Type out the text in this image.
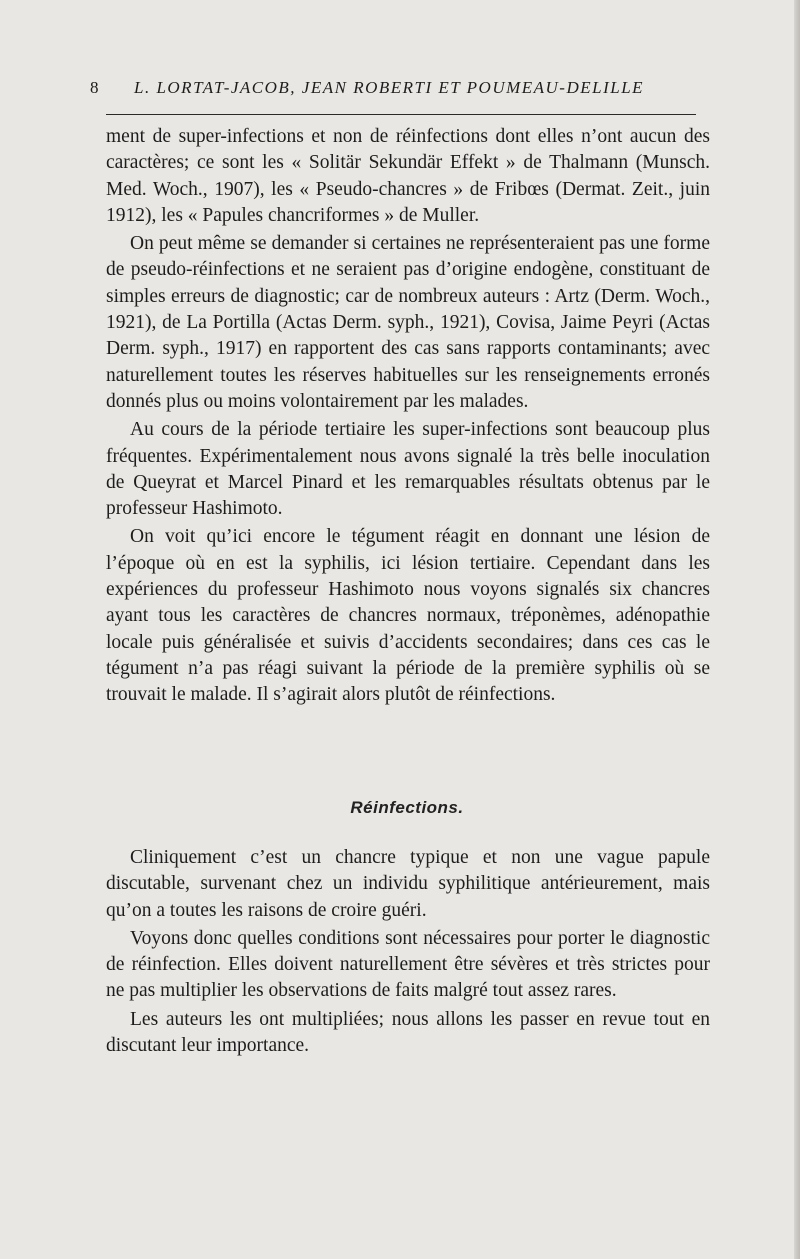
8 L. LORTAT-JACOB, JEAN ROBERTI ET POUMEAU-DELILLE

ment de super-infections et non de réinfections dont elles n’ont aucun des caractères; ce sont les « Solitär Sekundär Effekt » de Thalmann (Munsch. Med. Woch., 1907), les « Pseudo-chancres » de Fribœs (Dermat. Zeit., juin 1912), les « Papules chancriformes » de Muller.

On peut même se demander si certaines ne représenteraient pas une forme de pseudo-réinfections et ne seraient pas d’origine endogène, constituant de simples erreurs de diagnostic; car de nombreux auteurs : Artz (Derm. Woch., 1921), de La Portilla (Actas Derm. syph., 1921), Covisa, Jaime Peyri (Actas Derm. syph., 1917) en rapportent des cas sans rapports contaminants; avec naturellement toutes les réserves habituelles sur les renseignements erronés donnés plus ou moins volontairement par les malades.

Au cours de la période tertiaire les super-infections sont beaucoup plus fréquentes. Expérimentalement nous avons signalé la très belle inoculation de Queyrat et Marcel Pinard et les remarquables résultats obtenus par le professeur Hashimoto.

On voit qu’ici encore le tégument réagit en donnant une lésion de l’époque où en est la syphilis, ici lésion tertiaire. Cependant dans les expériences du professeur Hashimoto nous voyons signalés six chancres ayant tous les caractères de chancres normaux, tréponèmes, adénopathie locale puis généralisée et suivis d’accidents secondaires; dans ces cas le tégument n’a pas réagi suivant la période de la première syphilis où se trouvait le malade. Il s’agirait alors plutôt de réinfections.

Réinfections.

Cliniquement c’est un chancre typique et non une vague papule discutable, survenant chez un individu syphilitique antérieurement, mais qu’on a toutes les raisons de croire guéri.

Voyons donc quelles conditions sont nécessaires pour porter le diagnostic de réinfection. Elles doivent naturellement être sévères et très strictes pour ne pas multiplier les observations de faits malgré tout assez rares.

Les auteurs les ont multipliées; nous allons les passer en revue tout en discutant leur importance.
